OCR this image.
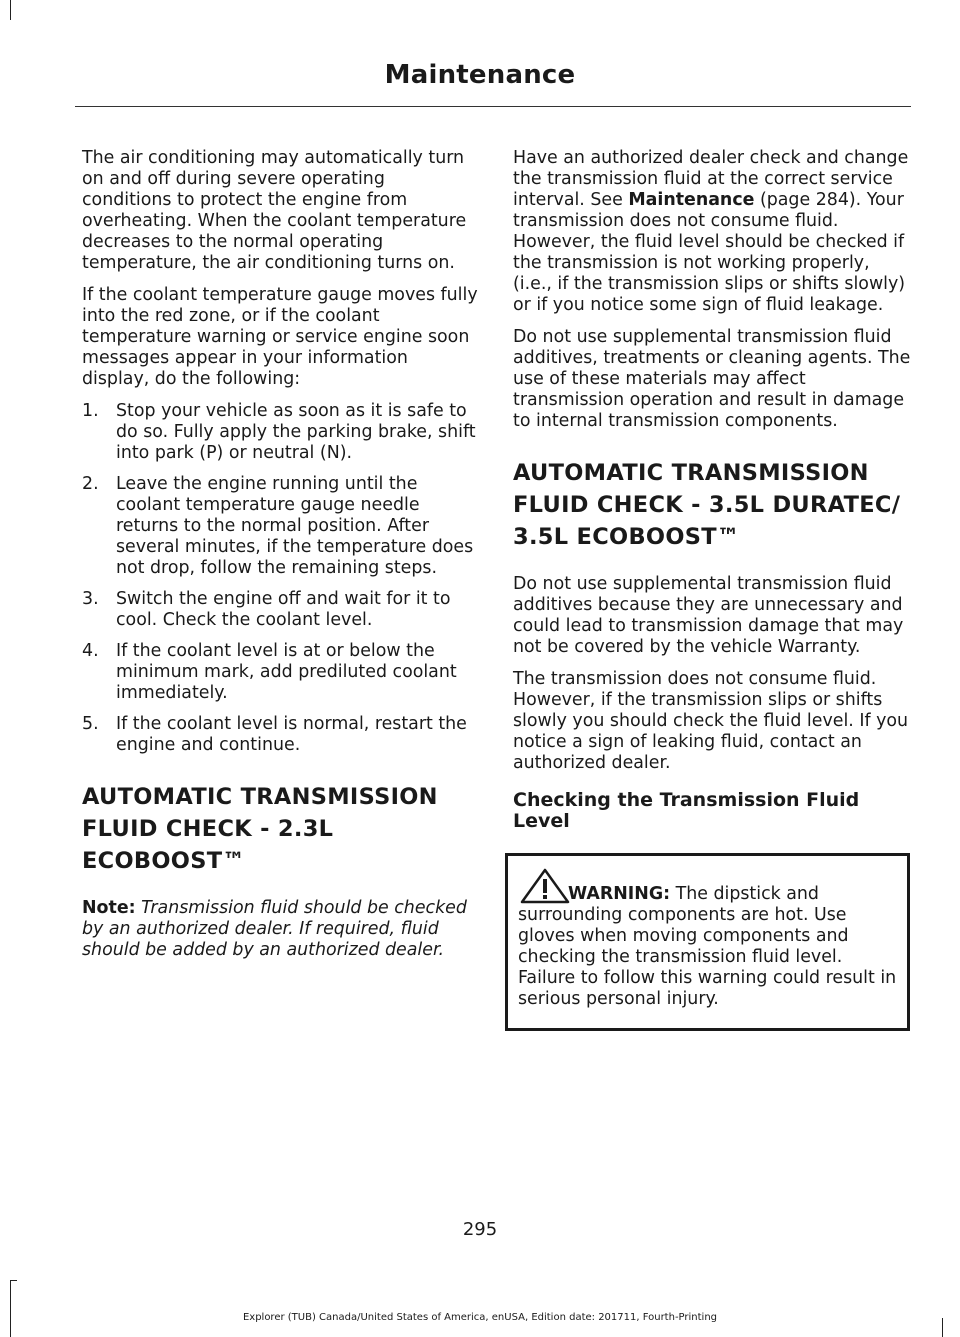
Maintenance

The air conditioning may automatically turn on and off during severe operating conditions to protect the engine from overheating. When the coolant temperature decreases to the normal operating temperature, the air conditioning turns on.

If the coolant temperature gauge moves fully into the red zone, or if the coolant temperature warning or service engine soon messages appear in your information display, do the following:

1. Stop your vehicle as soon as it is safe to do so. Fully apply the parking brake, shift into park (P) or neutral (N).
2. Leave the engine running until the coolant temperature gauge needle returns to the normal position. After several minutes, if the temperature does not drop, follow the remaining steps.
3. Switch the engine off and wait for it to cool. Check the coolant level.
4. If the coolant level is at or below the minimum mark, add prediluted coolant immediately.
5. If the coolant level is normal, restart the engine and continue.
AUTOMATIC TRANSMISSION FLUID CHECK - 2.3L ECOBOOST™

Note: Transmission fluid should be checked by an authorized dealer. If required, fluid should be added by an authorized dealer.

Have an authorized dealer check and change the transmission fluid at the correct service interval. See Maintenance (page 284). Your transmission does not consume fluid. However, the fluid level should be checked if the transmission is not working properly, (i.e., if the transmission slips or shifts slowly) or if you notice some sign of fluid leakage.

Do not use supplemental transmission fluid additives, treatments or cleaning agents. The use of these materials may affect transmission operation and result in damage to internal transmission components.

AUTOMATIC TRANSMISSION FLUID CHECK - 3.5L DURATEC/ 3.5L ECOBOOST™

Do not use supplemental transmission fluid additives because they are unnecessary and could lead to transmission damage that may not be covered by the vehicle Warranty.

The transmission does not consume fluid. However, if the transmission slips or shifts slowly you should check the fluid level. If you notice a sign of leaking fluid, contact an authorized dealer.

Checking the Transmission Fluid Level

WARNING: The dipstick and surrounding components are hot. Use gloves when moving components and checking the transmission fluid level. Failure to follow this warning could result in serious personal injury.

295
Explorer (TUB) Canada/United States of America, enUSA, Edition date: 201711, Fourth-Printing
